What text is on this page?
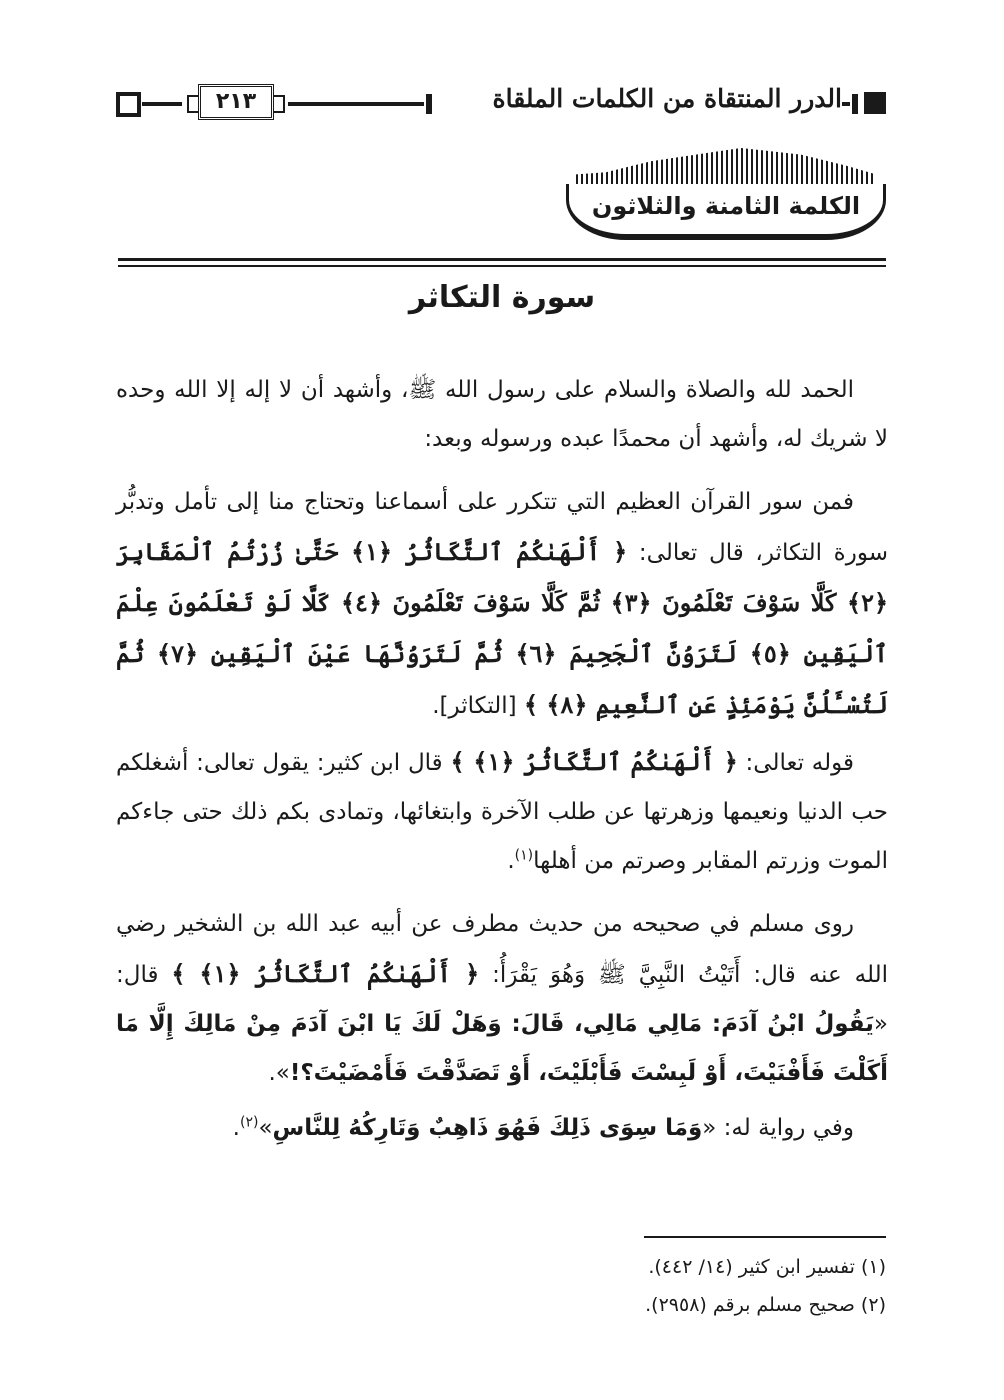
الدرر المنتقاة من الكلمات الملقاة
٢١٣
الكلمة الثامنة والثلاثون
سورة التكاثر

الحمد لله والصلاة والسلام على رسول الله ﷺ، وأشهد أن لا إله إلا الله وحده لا شريك له، وأشهد أن محمدًا عبده ورسوله وبعد:

فمن سور القرآن العظيم التي تتكرر على أسماعنا وتحتاج منا إلى تأمل وتدبُّر سورة التكاثر، قال تعالى: ﴿ أَلْهَىٰكُمُ ٱلتَّكَاثُرُ ﴿١﴾ حَتَّىٰ زُرْتُمُ ٱلْمَقَابِرَ ﴿٢﴾ كَلَّا سَوْفَ تَعْلَمُونَ ﴿٣﴾ ثُمَّ كَلَّا سَوْفَ تَعْلَمُونَ ﴿٤﴾ كَلَّا لَوْ تَعْلَمُونَ عِلْمَ ٱلْيَقِينِ ﴿٥﴾ لَتَرَوُنَّ ٱلْجَحِيمَ ﴿٦﴾ ثُمَّ لَتَرَوُنَّهَا عَيْنَ ٱلْيَقِينِ ﴿٧﴾ ثُمَّ لَتُسْـَٔلُنَّ يَوْمَئِذٍ عَنِ ٱلنَّعِيمِ ﴿٨﴾ ﴾ [التكاثر].

قوله تعالى: ﴿ أَلْهَىٰكُمُ ٱلتَّكَاثُرُ ﴿١﴾ ﴾ قال ابن كثير: يقول تعالى: أشغلكم حب الدنيا ونعيمها وزهرتها عن طلب الآخرة وابتغائها، وتمادى بكم ذلك حتى جاءكم الموت وزرتم المقابر وصرتم من أهلها$^{(١)}$.

روى مسلم في صحيحه من حديث مطرف عن أبيه عبد الله بن الشخير رضي الله عنه قال: أَتَيْتُ النَّبِيَّ ﷺ وَهُوَ يَقْرَأُ: ﴿ أَلْهَىٰكُمُ ٱلتَّكَاثُرُ ﴿١﴾ ﴾ قال: «يَقُولُ ابْنُ آدَمَ: مَالِي مَالِي، قَالَ: وَهَلْ لَكَ يَا ابْنَ آدَمَ مِنْ مَالِكَ إِلَّا مَا أَكَلْتَ فَأَفْنَيْتَ، أَوْ لَبِسْتَ فَأَبْلَيْتَ، أَوْ تَصَدَّقْتَ فَأَمْضَيْتَ؟!».

وفي رواية له: «وَمَا سِوَى ذَلِكَ فَهُوَ ذَاهِبٌ وَتَارِكُهُ لِلنَّاسِ»$^{(٢)}$.

(١) تفسير ابن كثير (١٤/ ٤٤٢).

(٢) صحيح مسلم برقم (٢٩٥٨).
